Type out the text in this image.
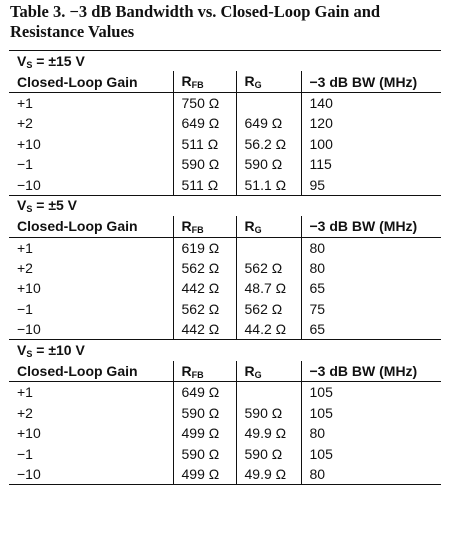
Table 3. −3 dB Bandwidth vs. Closed-Loop Gain and Resistance Values

$V_S = \pm 15$ V			
Closed-Loop Gain	$R_{FB}$	$R_G$	−3 dB BW (MHz)
+1	750 Ω		140
+2	649 Ω	649 Ω	120
+10	511 Ω	56.2 Ω	100
−1	590 Ω	590 Ω	115
−10	511 Ω	51.1 Ω	95
$V_S = \pm 5$ V			
Closed-Loop Gain	$R_{FB}$	$R_G$	−3 dB BW (MHz)
+1	619 Ω		80
+2	562 Ω	562 Ω	80
+10	442 Ω	48.7 Ω	65
−1	562 Ω	562 Ω	75
−10	442 Ω	44.2 Ω	65
$V_S = \pm 10$ V			
Closed-Loop Gain	$R_{FB}$	$R_G$	−3 dB BW (MHz)
+1	649 Ω		105
+2	590 Ω	590 Ω	105
+10	499 Ω	49.9 Ω	80
−1	590 Ω	590 Ω	105
−10	499 Ω	49.9 Ω	80
